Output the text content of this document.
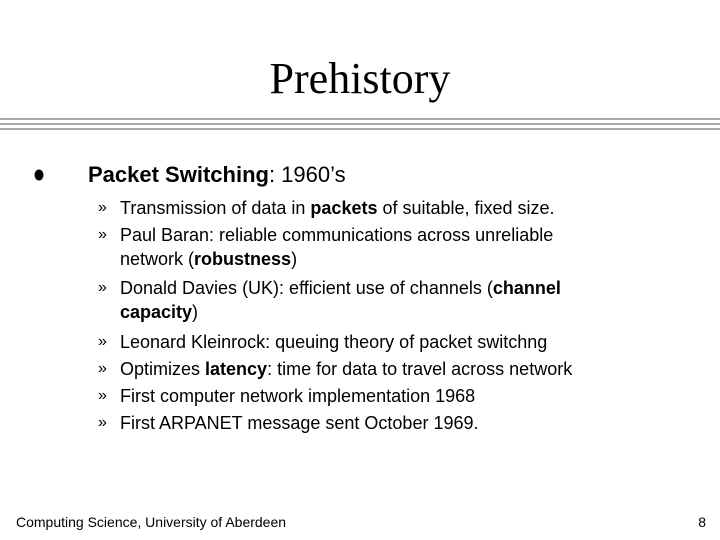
Prehistory
Packet Switching: 1960’s
» Transmission of data in packets of suitable, fixed size.
» Paul Baran: reliable communications across unreliable
network (robustness)
» Donald Davies (UK): efficient use of channels (channel
capacity)
» Leonard Kleinrock: queuing theory of packet switchng
» Optimizes latency: time for data to travel across network
» First computer network implementation 1968
» First ARPANET message sent October 1969.
Computing Science, University of Aberdeen	8
